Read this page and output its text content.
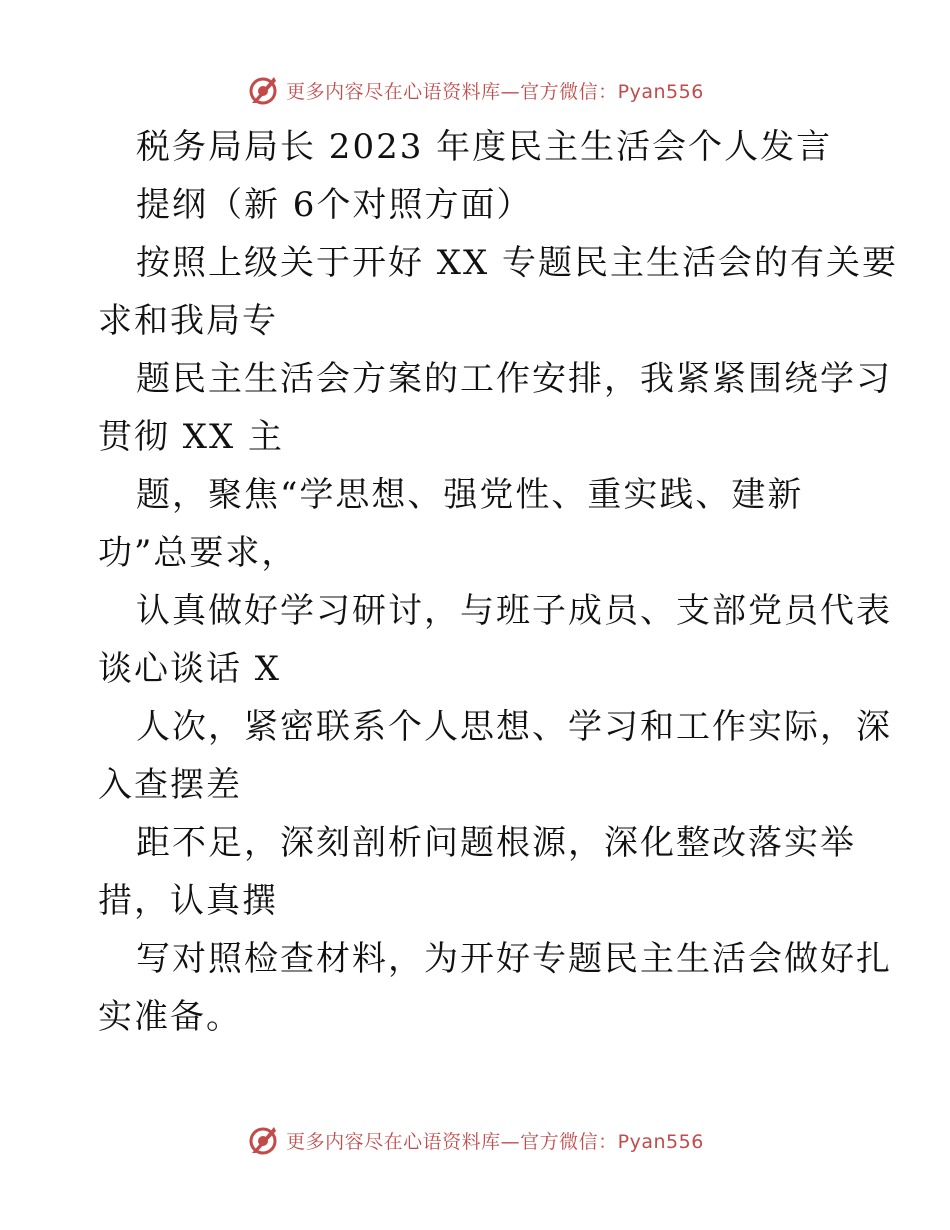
更多内容尽在心语资料库—官方微信：Pyan556
税务局局长 2023 年度民主生活会个人发言
提纲（新 6个对照方面）
按照上级关于开好 XX 专题民主生活会的有关要
求和我局专
题民主生活会方案的工作安排，我紧紧围绕学习
贯彻 XX 主
题，聚焦“学思想、强党性、重实践、建新
功”总要求，
认真做好学习研讨，与班子成员、支部党员代表
谈心谈话 X
人次，紧密联系个人思想、学习和工作实际，深
入查摆差
距不足，深刻剖析问题根源，深化整改落实举
措，认真撰
写对照检查材料，为开好专题民主生活会做好扎
实准备。
更多内容尽在心语资料库—官方微信：Pyan556
